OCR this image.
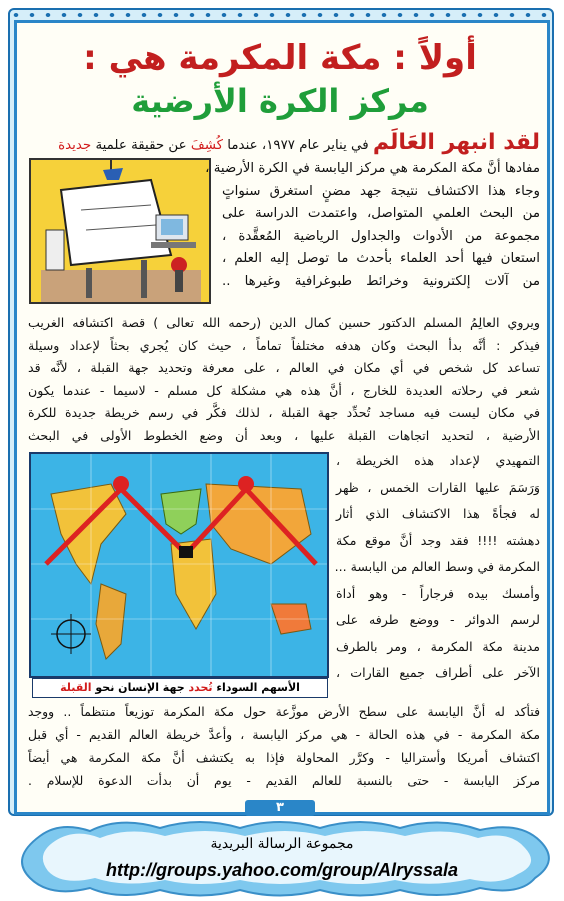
أولاً : مكة المكرمة هي :
مركز الكرة الأرضية
لقد انبهر العَالَم في يناير عام ١٩٧٧، عندما كُشِفَ عن حقيقة علمية جديدة
مفادها أنَّ مكة المكرمة هي مركز اليابسة في الكرة الأرضية ،
وجاء هذا الاكتشاف نتيجة جهد مضنٍ استغرق سنواتٍ
من البحث العلمي المتواصل، واعتمدت الدراسة على
مجموعة من الأدوات والجداول الرياضية المُعقَّدة ،
استعان فيها أحد العلماء بأحدث ما توصل إليه العلم ،
من آلات إلكترونية وخرائط طبوغرافية وغيرها ..
ويروي العالِمُ المسلم الدكتور حسين كمال الدين (رحمه الله تعالى ) قصة اكتشافه الغريب
فيذكر : أنَّه بدأ البحث وكان هدفه مختلفاً تماماً ، حيث كان يُجري بحثاً لإعداد وسيلة
تساعد كل شخص في أي مكان في العالم ، على معرفة وتحديد جهة القبلة ، لأنَّه قد
شعر في رحلاته العديدة للخارج ، أنَّ هذه هي مشكلة كل مسلم - لاسيما - عندما يكون
في مكان ليست فيه مساجد تُحدِّد جهة القبلة ، لذلك فكَّر في رسم خريطة جديدة للكرة
الأرضية ، لتحديد اتجاهات القبلة عليها ، وبعد أن وضع الخطوط الأولى في البحث
الأسهم السوداء تُحدد جهة الإنسان نحو القبلة
التمهيدي لإعداد هذه الخريطة ،
وَرَسَمَ عليها القارات الخمس ، ظهر
له فجأةً هذا الاكتشاف الذي أثار
دهشته !!!! فقد وجد أنَّ موقع مكة
المكرمة في وسط العالم من اليابسة ...
وأمسك بيده فرجاراً - وهو أداة
لرسم الدوائر - ووضع طرفه على
مدينة مكة المكرمة ، ومر بالطرف
الآخر على أطراف جميع القارات ،
فتأكد له أنَّ اليابسة على سطح الأرض موزَّعة حول مكة المكرمة توزيعاً منتظماً .. ووجد
مكة المكرمة - في هذه الحالة - هي مركز اليابسة ، وأعدَّ خريطة العالم القديم - أي قبل
اكتشاف أمريكا وأستراليا - وكرَّر المحاولة فإذا به يكتشف أنَّ مكة المكرمة هي أيضاً
مركز اليابسة - حتى بالنسبة للعالم القديم - يوم أن بدأت الدعوة للإسلام .
٣
مجموعة الرسالة البريدية
http://groups.yahoo.com/group/Alryssala
